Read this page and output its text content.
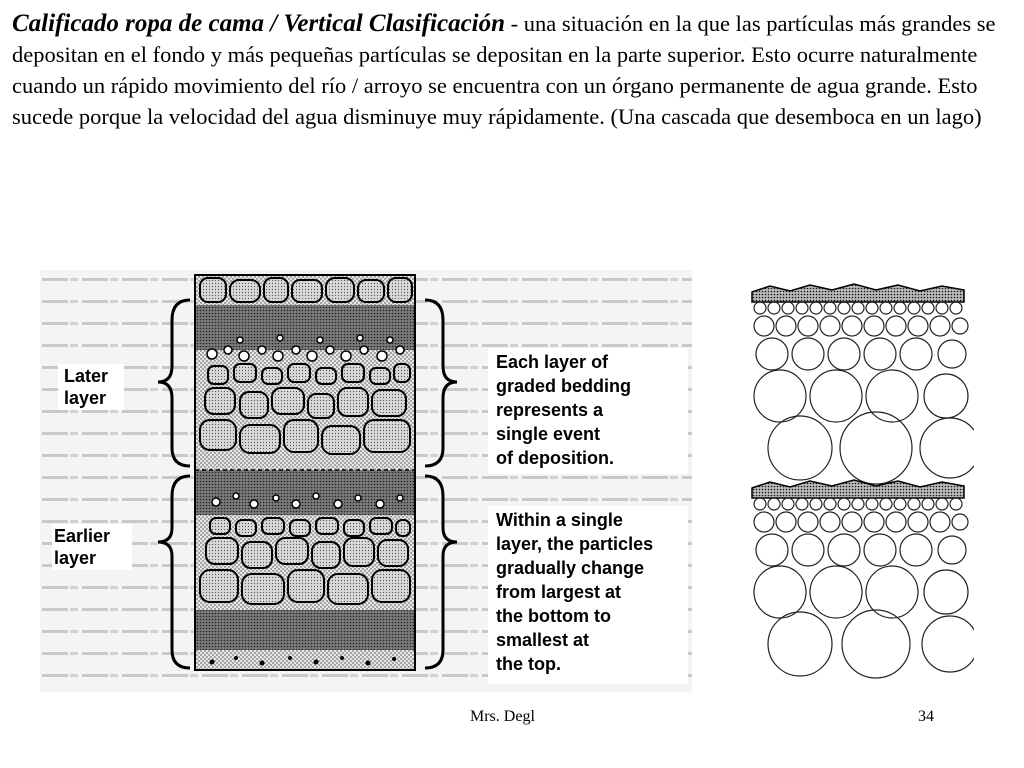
Calificado ropa de cama / Vertical Clasificación - una situación en la que las partículas más grandes se depositan en el fondo y más pequeñas partículas se depositan en la parte superior. Esto ocurre naturalmente cuando un rápido movimiento del río / arroyo se encuentra con un órgano permanente de agua grande. Esto sucede porque la velocidad del agua disminuye muy rápidamente. (Una cascada que desemboca en un lago)
Later layer
Earlier layer
Each layer of graded bedding represents a single event of deposition.
Within a single layer, the particles gradually change from largest at the bottom to smallest at the top.
Mrs. Degl	34
